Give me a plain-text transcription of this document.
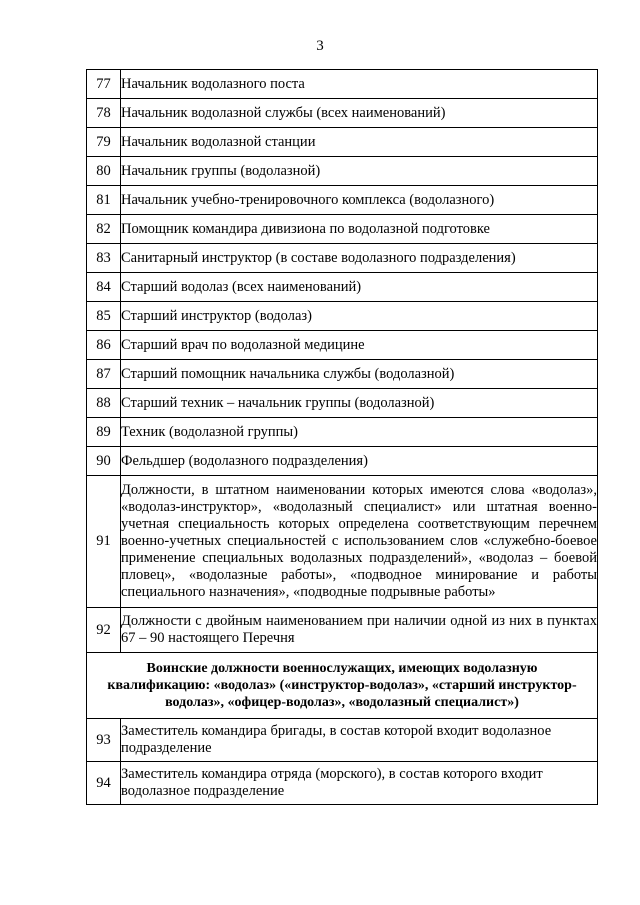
3
77	Начальник водолазного поста
78	Начальник водолазной службы (всех наименований)
79	Начальник водолазной станции
80	Начальник группы (водолазной)
81	Начальник учебно-тренировочного комплекса (водолазного)
82	Помощник командира дивизиона по водолазной подготовке
83	Санитарный инструктор (в составе водолазного подразделения)
84	Старший водолаз (всех наименований)
85	Старший инструктор (водолаз)
86	Старший врач по водолазной медицине
87	Старший помощник начальника службы (водолазной)
88	Старший техник – начальник группы (водолазной)
89	Техник (водолазной группы)
90	Фельдшер (водолазного подразделения)
91	Должности, в штатном наименовании которых имеются слова «водолаз», «водолаз-инструктор», «водолазный специалист» или штатная военно-учетная специальность которых определена соответствующим перечнем военно-учетных специальностей с использованием слов «служебно-боевое применение специальных водолазных подразделений», «водолаз – боевой пловец», «водолазные работы», «подводное минирование и работы специального назначения», «подводные подрывные работы»
92	Должности с двойным наименованием при наличии одной из них в пунктах 67 – 90 настоящего Перечня
Воинские должности военнослужащих, имеющих водолазную квалификацию: «водолаз» («инструктор-водолаз», «старший инструктор-водолаз», «офицер-водолаз», «водолазный специалист»)	
93	Заместитель командира бригады, в состав которой входит водолазное подразделение
94	Заместитель командира отряда (морского), в состав которого входит водолазное подразделение
